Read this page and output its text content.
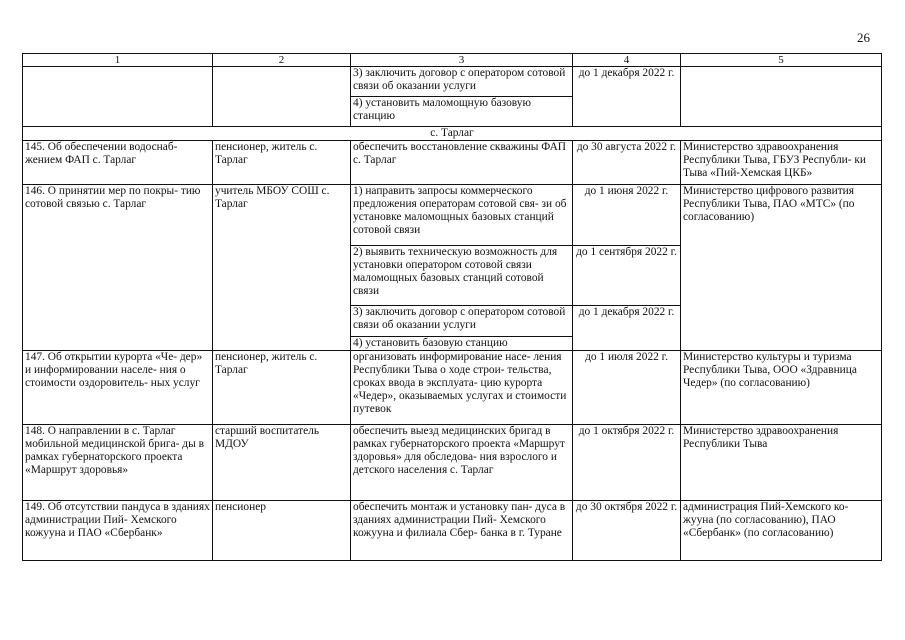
26
1	2	3	4	5
		3) заключить договор с оператором сотовой связи об оказании услуги	до 1 декабря 2022 г.	
		4) установить маломощную базовую станцию		
с. Тарлаг				
145. Об обеспечении водоснаб- жением ФАП с. Тарлаг	пенсионер, житель с. Тарлаг	обеспечить восстановление скважины ФАП с. Тарлаг	до 30 августа 2022 г.	Министерство здравоохранения Республики Тыва, ГБУЗ Республи- ки Тыва «Пий-Хемская ЦКБ»
146. О принятии мер по покры- тию сотовой связью с. Тарлаг	учитель МБОУ СОШ с. Тарлаг	1) направить запросы коммерческого предложения операторам сотовой свя- зи об установке маломощных базовых станций сотовой связи	до 1 июня 2022 г.	Министерство цифрового развития Республики Тыва, ПАО «МТС» (по согласованию)
		2) выявить техническую возможность для установки оператором сотовой связи маломощных базовых станций сотовой связи	до 1 сентября 2022 г.	
		3) заключить договор с оператором сотовой связи об оказании услуги	до 1 декабря 2022 г.	
		4) установить базовую станцию		
147. Об открытии курорта «Че- дер» и информировании населе- ния о стоимости оздоровитель- ных услуг	пенсионер, житель с. Тарлаг	организовать информирование насе- ления Республики Тыва о ходе строи- тельства, сроках ввода в эксплуата- цию курорта «Чедер», оказываемых услугах и стоимости путевок	до 1 июля 2022 г.	Министерство культуры и туризма Республики Тыва, ООО «Здравница Чедер» (по согласованию)
148. О направлении в с. Тарлаг мобильной медицинской брига- ды в рамках губернаторского проекта «Маршрут здоровья»	старший воспитатель МДОУ	обеспечить выезд медицинских бригад в рамках губернаторского проекта «Маршрут здоровья» для обследова- ния взрослого и детского населения с. Тарлаг	до 1 октября 2022 г.	Министерство здравоохранения Республики Тыва
149. Об отсутствии пандуса в зданиях администрации Пий- Хемского кожууна и ПАО «Сбербанк»	пенсионер	обеспечить монтаж и установку пан- дуса в зданиях администрации Пий- Хемского кожууна и филиала Сбер- банка в г. Туране	до 30 октября 2022 г.	администрация Пий-Хемского ко- жууна (по согласованию), ПАО «Сбербанк» (по согласованию)
